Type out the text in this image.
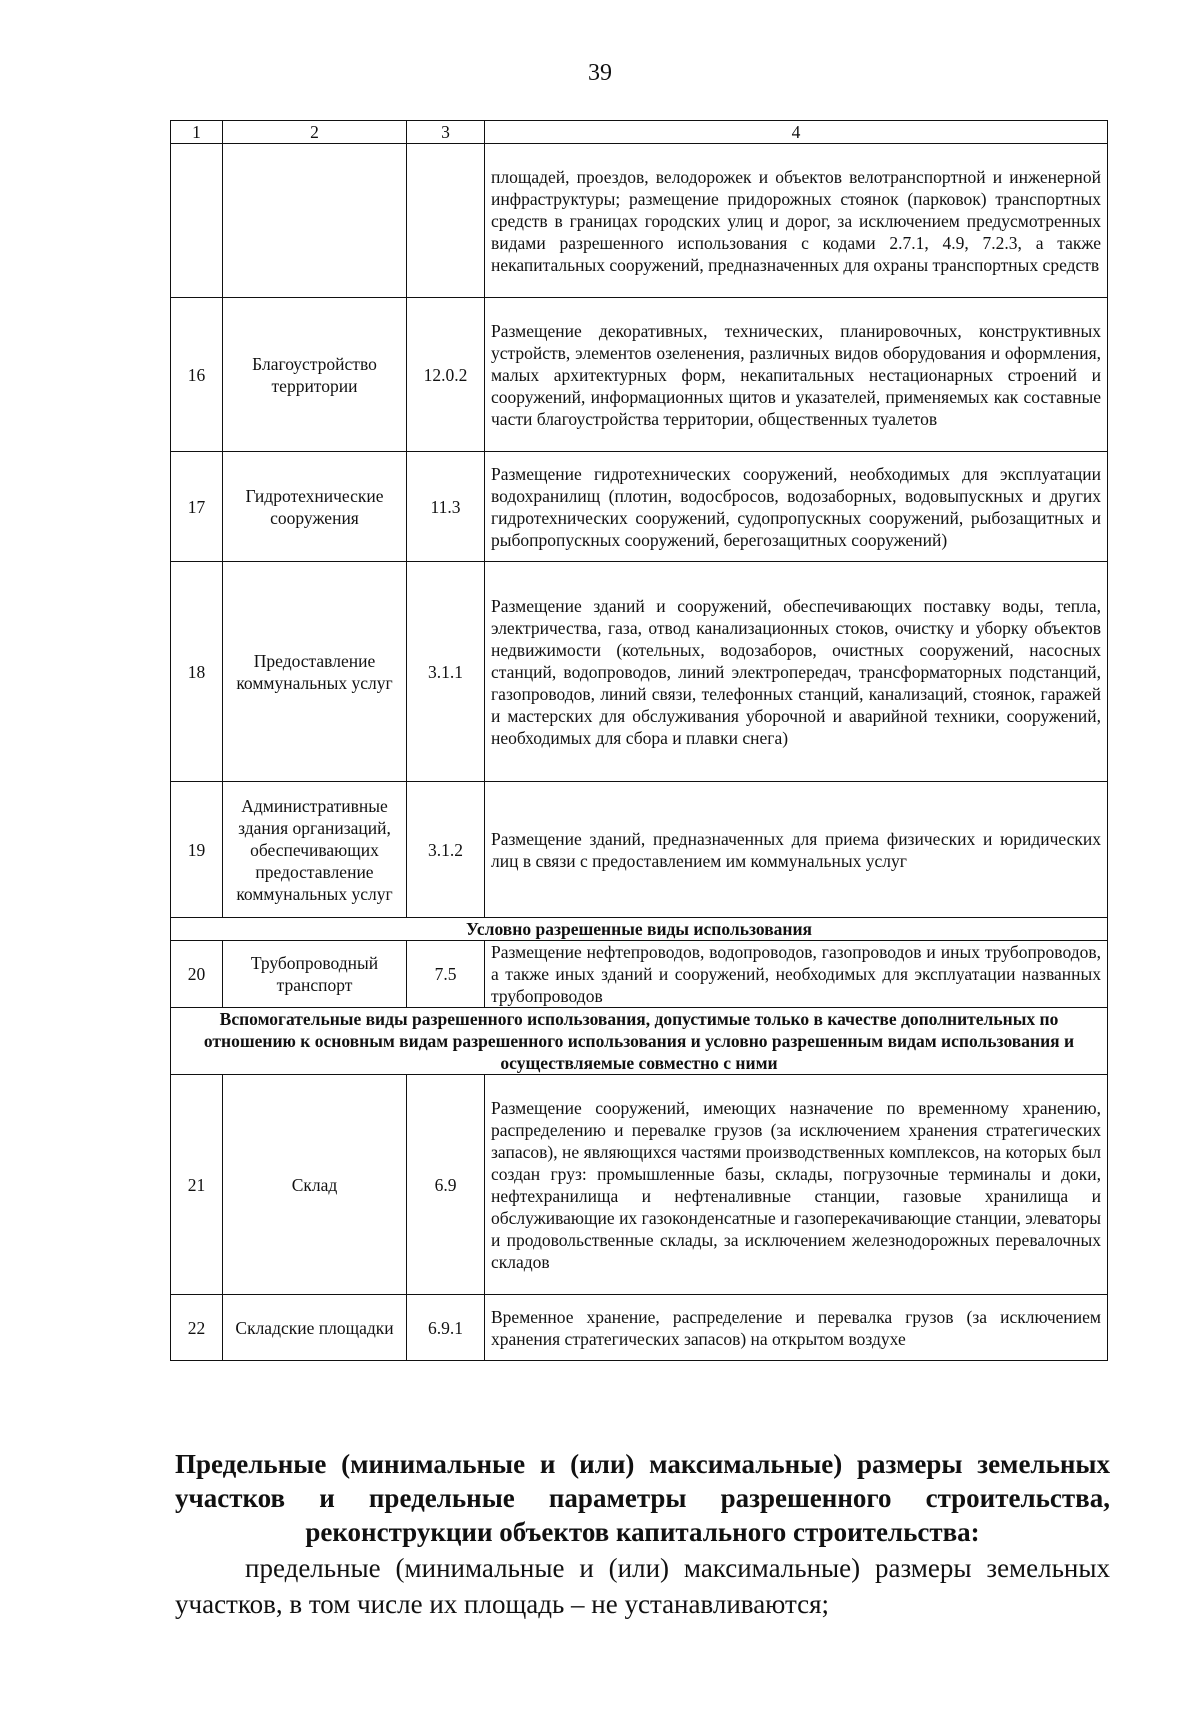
39
1	2	3	4
			площадей, проездов, велодорожек и объектов велотранспортной и инженерной инфраструктуры; размещение придорожных стоянок (парковок) транспортных средств в границах городских улиц и дорог, за исключением предусмотренных видами разрешенного использования с кодами 2.7.1, 4.9, 7.2.3, а также некапитальных сооружений, предназначенных для охраны транспортных средств
16	Благоустройство территории	12.0.2	Размещение декоративных, технических, планировочных, конструктивных устройств, элементов озеленения, различных видов оборудования и оформления, малых архитектурных форм, некапитальных нестационарных строений и сооружений, информационных щитов и указателей, применяемых как составные части благоустройства территории, общественных туалетов
17	Гидротехнические сооружения	11.3	Размещение гидротехнических сооружений, необходимых для эксплуатации водохранилищ (плотин, водосбросов, водозаборных, водовыпускных и других гидротехнических сооружений, судопропускных сооружений, рыбозащитных и рыбопропускных сооружений, берегозащитных сооружений)
18	Предоставление коммунальных услуг	3.1.1	Размещение зданий и сооружений, обеспечивающих поставку воды, тепла, электричества, газа, отвод канализационных стоков, очистку и уборку объектов недвижимости (котельных, водозаборов, очистных сооружений, насосных станций, водопроводов, линий электропередач, трансформаторных подстанций, газопроводов, линий связи, телефонных станций, канализаций, стоянок, гаражей и мастерских для обслуживания уборочной и аварийной техники, сооружений, необходимых для сбора и плавки снега)
19	Административные здания организаций, обеспечивающих предоставление коммунальных услуг	3.1.2	Размещение зданий, предназначенных для приема физических и юридических лиц в связи с предоставлением им коммунальных услуг
Условно разрешенные виды использования			
20	Трубопроводный транспорт	7.5	Размещение нефтепроводов, водопроводов, газопроводов и иных трубопроводов, а также иных зданий и сооружений, необходимых для эксплуатации названных трубопроводов
Вспомогательные виды разрешенного использования, допустимые только в качестве дополнительных по отношению к основным видам разрешенного использования и условно разрешенным видам использования и осуществляемые совместно с ними			
21	Склад	6.9	Размещение сооружений, имеющих назначение по временному хранению, распределению и перевалке грузов (за исключением хранения стратегических запасов), не являющихся частями производственных комплексов, на которых был создан груз: промышленные базы, склады, погрузочные терминалы и доки, нефтехранилища и нефтеналивные станции, газовые хранилища и обслуживающие их газоконденсатные и газоперекачивающие станции, элеваторы и продовольственные склады, за исключением железнодорожных перевалочных складов
22	Складские площадки	6.9.1	Временное хранение, распределение и перевалка грузов (за исключением хранения стратегических запасов) на открытом воздухе
Предельные (минимальные и (или) максимальные) размеры земельных участков и предельные параметры разрешенного строительства, реконструкции объектов капитального строительства:
предельные (минимальные и (или) максимальные) размеры земельных участков, в том числе их площадь – не устанавливаются;
